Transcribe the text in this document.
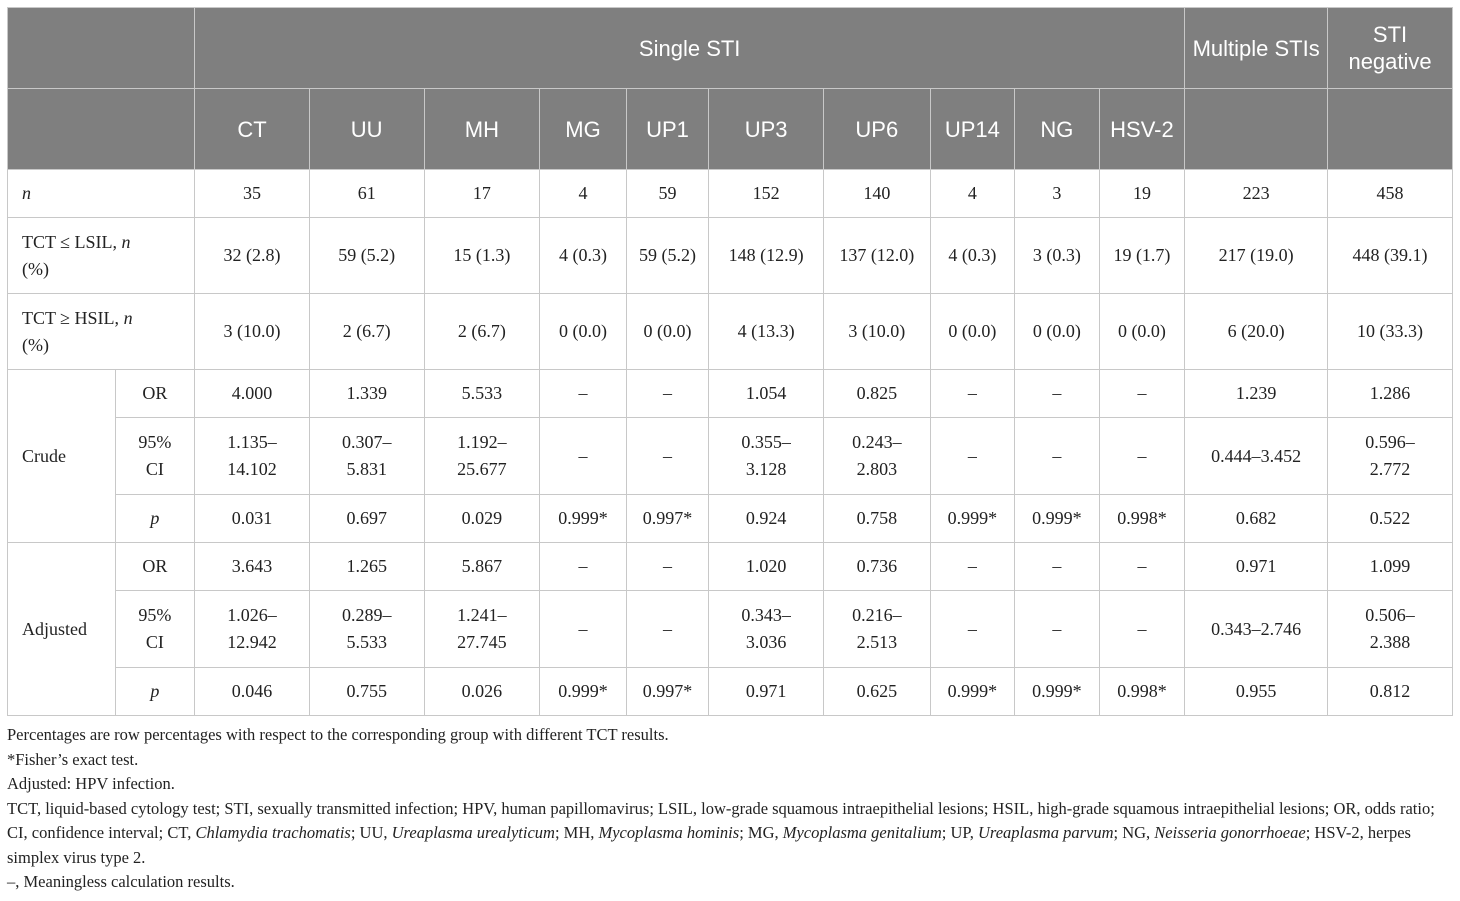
		Single STI										Multiple STIs	STI negative
		CT	UU	MH	MG	UP1	UP3	UP6	UP14	NG	HSV-2		
n		35	61	17	4	59	152	140	4	3	19	223	458
TCT ≤ LSIL, n
(%)		32 (2.8)	59 (5.2)	15 (1.3)	4 (0.3)	59 (5.2)	148 (12.9)	137 (12.0)	4 (0.3)	3 (0.3)	19 (1.7)	217 (19.0)	448 (39.1)
TCT ≥ HSIL, n
(%)		3 (10.0)	2 (6.7)	2 (6.7)	0 (0.0)	0 (0.0)	4 (13.3)	3 (10.0)	0 (0.0)	0 (0.0)	0 (0.0)	6 (20.0)	10 (33.3)
Crude	OR	4.000	1.339	5.533	–	–	1.054	0.825	–	–	–	1.239	1.286
	95% CI	1.135–14.102	0.307–5.831	1.192–25.677	–	–	0.355–3.128	0.243–2.803	–	–	–	0.444–3.452	0.596–2.772
	p	0.031	0.697	0.029	0.999*	0.997*	0.924	0.758	0.999*	0.999*	0.998*	0.682	0.522
Adjusted	OR	3.643	1.265	5.867	–	–	1.020	0.736	–	–	–	0.971	1.099
	95% CI	1.026–12.942	0.289–5.533	1.241–27.745	–	–	0.343–3.036	0.216–2.513	–	–	–	0.343–2.746	0.506–2.388
	p	0.046	0.755	0.026	0.999*	0.997*	0.971	0.625	0.999*	0.999*	0.998*	0.955	0.812
Percentages are row percentages with respect to the corresponding group with different TCT results.
*Fisher’s exact test.
Adjusted: HPV infection.
TCT, liquid-based cytology test; STI, sexually transmitted infection; HPV, human papillomavirus; LSIL, low-grade squamous intraepithelial lesions; HSIL, high-grade squamous intraepithelial lesions; OR, odds ratio; CI, confidence interval; CT, Chlamydia trachomatis; UU, Ureaplasma urealyticum; MH, Mycoplasma hominis; MG, Mycoplasma genitalium; UP, Ureaplasma parvum; NG, Neisseria gonorrhoeae; HSV-2, herpes simplex virus type 2.
–, Meaningless calculation results.
